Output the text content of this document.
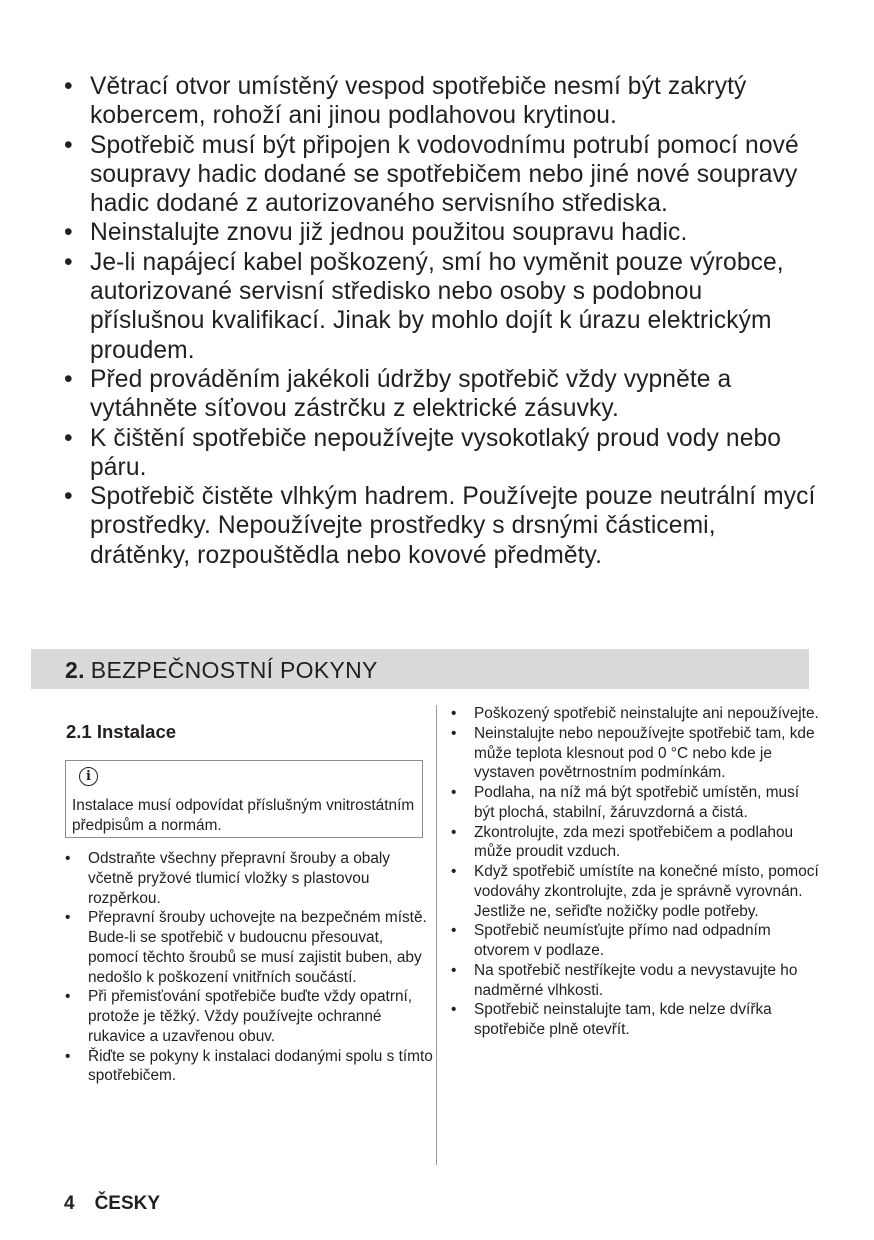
• Větrací otvor umístěný vespod spotřebiče nesmí být zakrytý kobercem, rohoží ani jinou podlahovou krytinou.
• Spotřebič musí být připojen k vodovodnímu potrubí pomocí nové soupravy hadic dodané se spotřebičem nebo jiné nové soupravy hadic dodané z autorizovaného servisního střediska.
• Neinstalujte znovu již jednou použitou soupravu hadic.
• Je-li napájecí kabel poškozený, smí ho vyměnit pouze výrobce, autorizované servisní středisko nebo osoby s podobnou příslušnou kvalifikací. Jinak by mohlo dojít k úrazu elektrickým proudem.
• Před prováděním jakékoli údržby spotřebič vždy vypněte a vytáhněte síťovou zástrčku z elektrické zásuvky.
• K čištění spotřebiče nepoužívejte vysokotlaký proud vody nebo páru.
• Spotřebič čistěte vlhkým hadrem. Používejte pouze neutrální mycí prostředky. Nepoužívejte prostředky s drsnými částicemi, drátěnky, rozpouštědla nebo kovové předměty.
2. BEZPEČNOSTNÍ POKYNY
2.1 Instalace
i

Instalace musí odpovídat příslušným vnitrostátním předpisům a normám.

• Odstraňte všechny přepravní šrouby a obaly včetně pryžové tlumicí vložky s plastovou rozpěrkou.
• Přepravní šrouby uchovejte na bezpečném místě. Bude-li se spotřebič v budoucnu přesouvat, pomocí těchto šroubů se musí zajistit buben, aby nedošlo k poškození vnitřních součástí.
• Při přemisťování spotřebiče buďte vždy opatrní, protože je těžký. Vždy používejte ochranné rukavice a uzavřenou obuv.
• Řiďte se pokyny k instalaci dodanými spolu s tímto spotřebičem.
• Poškozený spotřebič neinstalujte ani nepoužívejte.
• Neinstalujte nebo nepoužívejte spotřebič tam, kde může teplota klesnout pod 0 °C nebo kde je vystaven povětrnostním podmínkám.
• Podlaha, na níž má být spotřebič umístěn, musí být plochá, stabilní, žáruvzdorná a čistá.
• Zkontrolujte, zda mezi spotřebičem a podlahou může proudit vzduch.
• Když spotřebič umístíte na konečné místo, pomocí vodováhy zkontrolujte, zda je správně vyrovnán. Jestliže ne, seřiďte nožičky podle potřeby.
• Spotřebič neumísťujte přímo nad odpadním otvorem v podlaze.
• Na spotřebič nestříkejte vodu a nevystavujte ho nadměrné vlhkosti.
• Spotřebič neinstalujte tam, kde nelze dvířka spotřebiče plně otevřít.
4 ČESKY
